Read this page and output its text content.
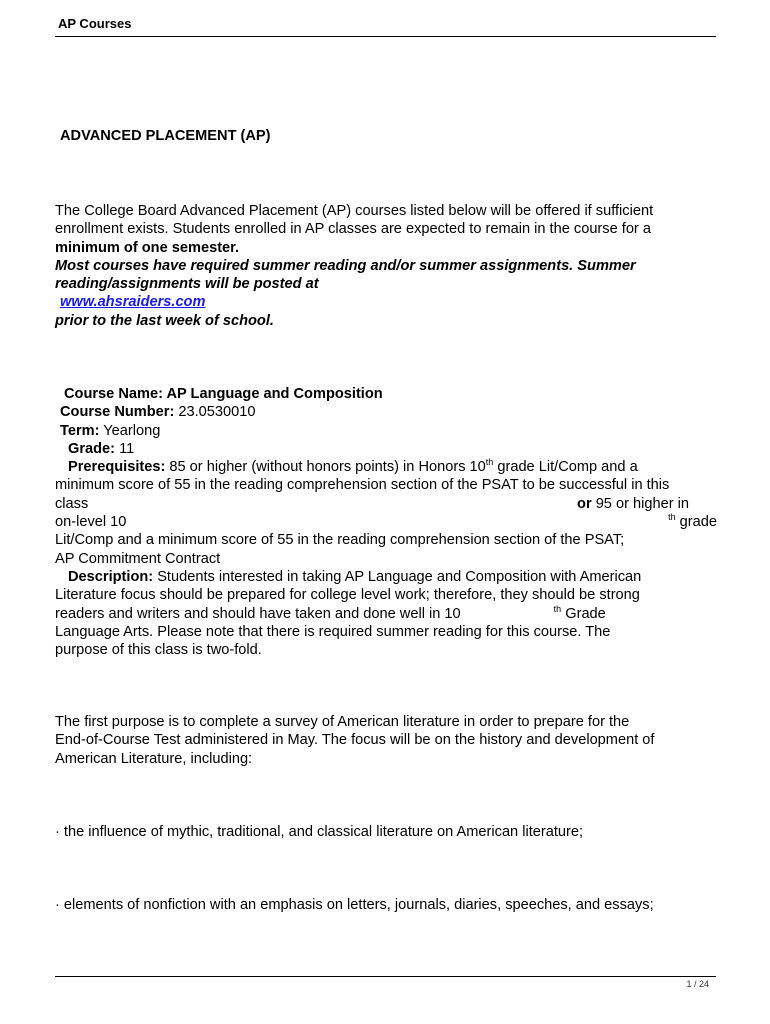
AP Courses
ADVANCED PLACEMENT (AP)
The College Board Advanced Placement (AP) courses listed below will be offered if sufficient
enrollment exists. Students enrolled in AP classes are expected to remain in the course for a
minimum of one semester.
Most courses have required summer reading and/or summer assignments. Summer
reading/assignments will be posted at
www.ahsraiders.com
prior to the last week of school.
Course Name: AP Language and Composition
Course Number: 23.0530010
Term: Yearlong
Grade: 11
Prerequisites: 85 or higher (without honors points) in Honors 10th grade Lit/Comp and a
minimum score of 55 in the reading comprehension section of the PSAT to be successful in this
class	or 95 or higher in
on-level 10	$^{th}$ grade
Lit/Comp and a minimum score of 55 in the reading comprehension section of the PSAT;
AP Commitment Contract
Description: Students interested in taking AP Language and Composition with American
Literature focus should be prepared for college level work; therefore, they should be strong
readers and writers and should have taken and done well in 10	$^{th}$ Grade
Language Arts. Please note that there is required summer reading for this course. The
purpose of this class is two-fold.
The first purpose is to complete a survey of American literature in order to prepare for the
End-of-Course Test administered in May. The focus will be on the history and development of
American Literature, including:
· the influence of mythic, traditional, and classical literature on American literature;
· elements of nonfiction with an emphasis on letters, journals, diaries, speeches, and essays;
1 / 24
